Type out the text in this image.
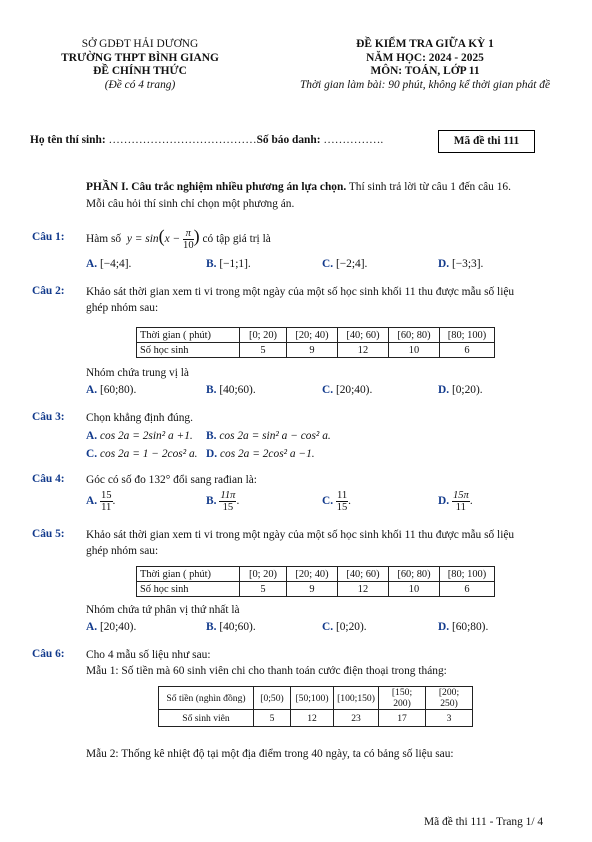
SỞ GDĐT HẢI DƯƠNG
TRƯỜNG THPT BÌNH GIANG
ĐỀ CHÍNH THỨC
(Đề có 4 trang)
ĐỀ KIỂM TRA GIỮA KỲ 1
NĂM HỌC: 2024 - 2025
MÔN: TOÁN, LỚP 11
Thời gian làm bài: 90 phút, không kể thời gian phát đề
Họ tên thí sinh: …………………………………Số báo danh: …………….	Mã đề thi 111
PHẦN I. Câu trắc nghiệm nhiều phương án lựa chọn. Thí sinh trả lời từ câu 1 đến câu 16.
Mỗi câu hỏi thí sinh chỉ chọn một phương án.
Câu 1: Hàm số $y = \sin(x - \frac{\pi}{10}$ ) có tập giá trị là
A. [−4;4].	B. [−1;1].	C. [−2;4].	D. [−3;3].
Câu 2: Khảo sát thời gian xem ti vi trong một ngày của một số học sinh khối 11 thu được mẫu số liệu
ghép nhóm sau:
Thời gian ( phút)	[0; 20)	[20; 40)	[40; 60)	[60; 80)	[80; 100)
Số học sinh	5	9	12	10	6
Nhóm chứa trung vị là
A. [60;80).	B. [40;60).	C. [20;40).	D. [0;20).
Câu 3: Chọn khẳng định đúng.
A. cos 2a = 2sin² a +1. B. cos 2a = sin² a − cos² a.
C. cos 2a = 1 − 2cos² a. D. cos 2a = 2cos² a −1.
Câu 4: Góc có số đo 132° đổi sang rađian là:
A. $\frac{15}{11}$ .	B. $\frac{11\pi}{15}$ .	C. $\frac{11}{15}$ .	D. $\frac{15\pi}{11}$ .
Câu 5: Khảo sát thời gian xem ti vi trong một ngày của một số học sinh khối 11 thu được mẫu số liệu
ghép nhóm sau:
Thời gian ( phút)	[0; 20)	[20; 40)	[40; 60)	[60; 80)	[80; 100)
Số học sinh	5	9	12	10	6
Nhóm chứa tứ phân vị thứ nhất là
A. [20;40).	B. [40;60).	C. [0;20).	D. [60;80).
Câu 6: Cho 4 mẫu số liệu như sau:
Mẫu 1: Số tiền mà 60 sinh viên chi cho thanh toán cước điện thoại trong tháng:
Số tiền (nghìn đồng)	[0;50)	[50;100)	[100;150)	[150; 200)	[200; 250)
Số sinh viên	5	12	23	17	3
Mẫu 2: Thống kê nhiệt độ tại một địa điểm trong 40 ngày, ta có bảng số liệu sau:
Mã đề thi 111 - Trang 1/ 4
